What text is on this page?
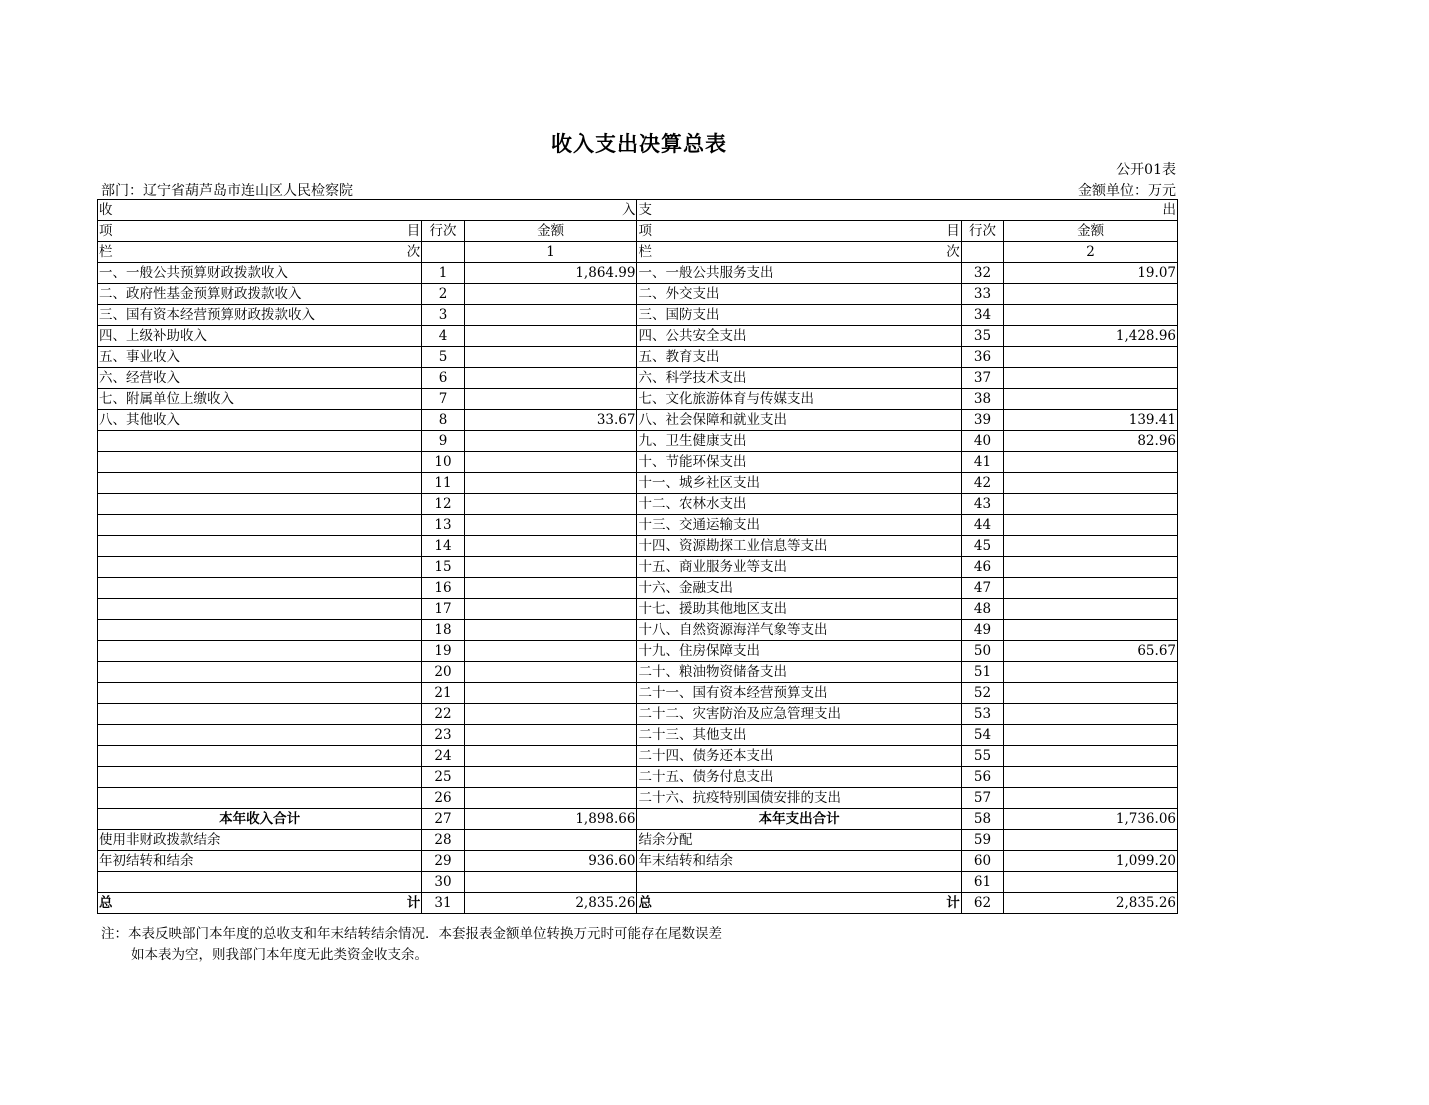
收入支出决算总表
公开01表
部门：辽宁省葫芦岛市连山区人民检察院	金额单位：万元
收入			支出		
项目	行次	金额	项目	行次	金额
栏次		1	栏次		2
一、一般公共预算财政拨款收入	1	1,864.99	一、一般公共服务支出	32	19.07
二、政府性基金预算财政拨款收入	2		二、外交支出	33	
三、国有资本经营预算财政拨款收入	3		三、国防支出	34	
四、上级补助收入	4		四、公共安全支出	35	1,428.96
五、事业收入	5		五、教育支出	36	
六、经营收入	6		六、科学技术支出	37	
七、附属单位上缴收入	7		七、文化旅游体育与传媒支出	38	
八、其他收入	8	33.67	八、社会保障和就业支出	39	139.41
	9		九、卫生健康支出	40	82.96
	10		十、节能环保支出	41	
	11		十一、城乡社区支出	42	
	12		十二、农林水支出	43	
	13		十三、交通运输支出	44	
	14		十四、资源勘探工业信息等支出	45	
	15		十五、商业服务业等支出	46	
	16		十六、金融支出	47	
	17		十七、援助其他地区支出	48	
	18		十八、自然资源海洋气象等支出	49	
	19		十九、住房保障支出	50	65.67
	20		二十、粮油物资储备支出	51	
	21		二十一、国有资本经营预算支出	52	
	22		二十二、灾害防治及应急管理支出	53	
	23		二十三、其他支出	54	
	24		二十四、债务还本支出	55	
	25		二十五、债务付息支出	56	
	26		二十六、抗疫特别国债安排的支出	57	
本年收入合计	27	1,898.66	本年支出合计	58	1,736.06
使用非财政拨款结余	28		结余分配	59	
年初结转和结余	29	936.60	年末结转和结余	60	1,099.20
	30			61	
总计	31	2,835.26	总计	62	2,835.26
注：本表反映部门本年度的总收支和年末结转结余情况．本套报表金额单位转换万元时可能存在尾数误差
如本表为空，则我部门本年度无此类资金收支余。
